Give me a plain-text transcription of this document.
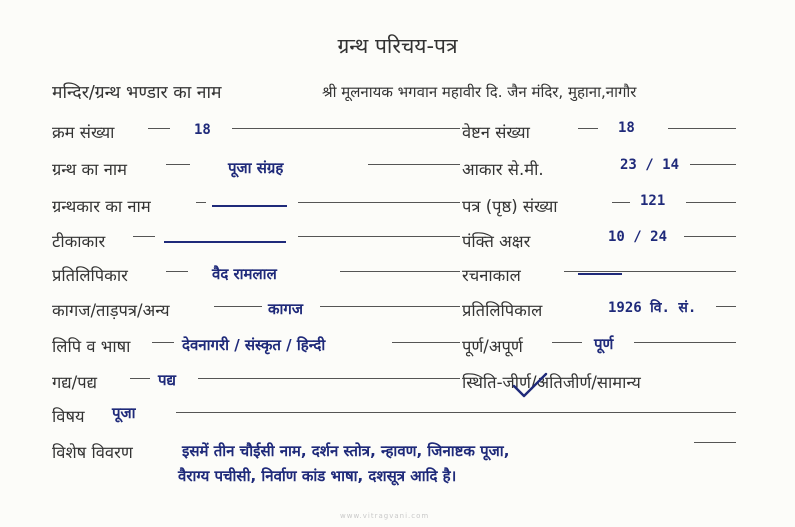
ग्रन्थ परिचय-पत्र
मन्दिर/ग्रन्थ भण्डार का नाम	श्री मूलनायक भगवान महावीर दि. जैन मंदिर, मुहाना,नागौर
क्रम संख्या
ग्रन्थ का नाम
ग्रन्थकार का नाम
टीकाकार
प्रतिलिपिकार
कागज/ताड़पत्र/अन्य
लिपि व भाषा
गद्य/पद्य
विषय
18
पूजा संग्रह
वैद रामलाल
कागज
देवनागरी / संस्कृत / हिन्दी
पद्य
पूजा
वेष्टन संख्या
आकार से.मी.
पत्र (पृष्ठ) संख्या
पंक्ति अक्षर
रचनाकाल
प्रतिलिपिकाल
पूर्ण/अपूर्ण
स्थिति-जीर्ण/अतिजीर्ण/सामान्य
18
23 / 14
121
10 / 24
1926 वि. सं.
पूर्ण
विशेष विवरण	इसमें तीन चौईसी नाम, दर्शन स्तोत्र, न्हावण, जिनाष्टक पूजा,
वैराग्य पचीसी, निर्वाण कांड भाषा, दशसूत्र आदि है।
www.vitragvani.com
